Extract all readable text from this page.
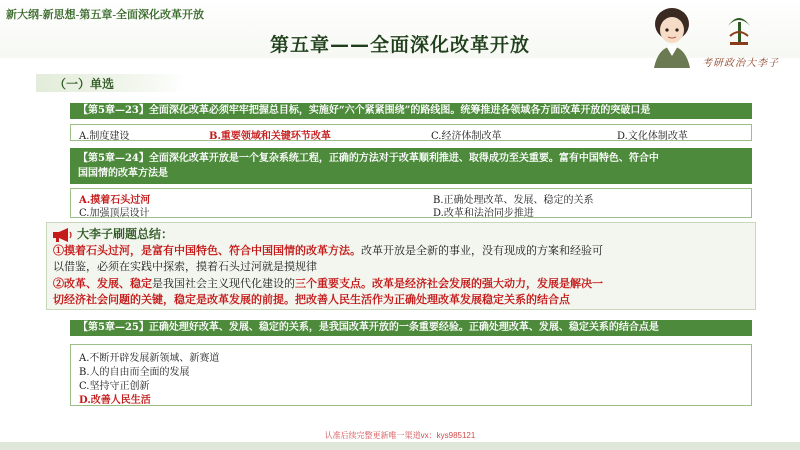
新大纲-新思想-第五章-全面深化改革开放
第五章——全面深化改革开放
考研政治大李子
（一）单选
【第5章—23】全面深化改革必须牢牢把握总目标，实施好“六个紧紧围绕”的路线图。统筹推进各领域各方面改革开放的突破口是
A.制度建设	B.重要领域和关键环节改革	C.经济体制改革	D.文化体制改革
【第5章—24】全面深化改革开放是一个复杂系统工程，正确的方法对于改革顺利推进、取得成功至关重要。富有中国特色、符合中
国国情的改革方法是
A.摸着石头过河	B.正确处理改革、发展、稳定的关系
C.加强顶层设计	D.改革和法治同步推进
大李子刷题总结：
①摸着石头过河，是富有中国特色、符合中国国情的改革方法。改革开放是全新的事业，没有现成的方案和经验可
以借鉴，必须在实践中探索，摸着石头过河就是摸规律
②改革、发展、稳定是我国社会主义现代化建设的三个重要支点。改革是经济社会发展的强大动力，发展是解决一
切经济社会问题的关键，稳定是改革发展的前提。把改善人民生活作为正确处理改革发展稳定关系的结合点
【第5章—25】正确处理好改革、发展、稳定的关系，是我国改革开放的一条重要经验。正确处理改革、发展、稳定关系的结合点是
A.不断开辟发展新领域、新赛道
B.人的自由而全面的发展
C.坚持守正创新
D.改善人民生活
认准后续完整更新唯一渠道vx：kys985121
